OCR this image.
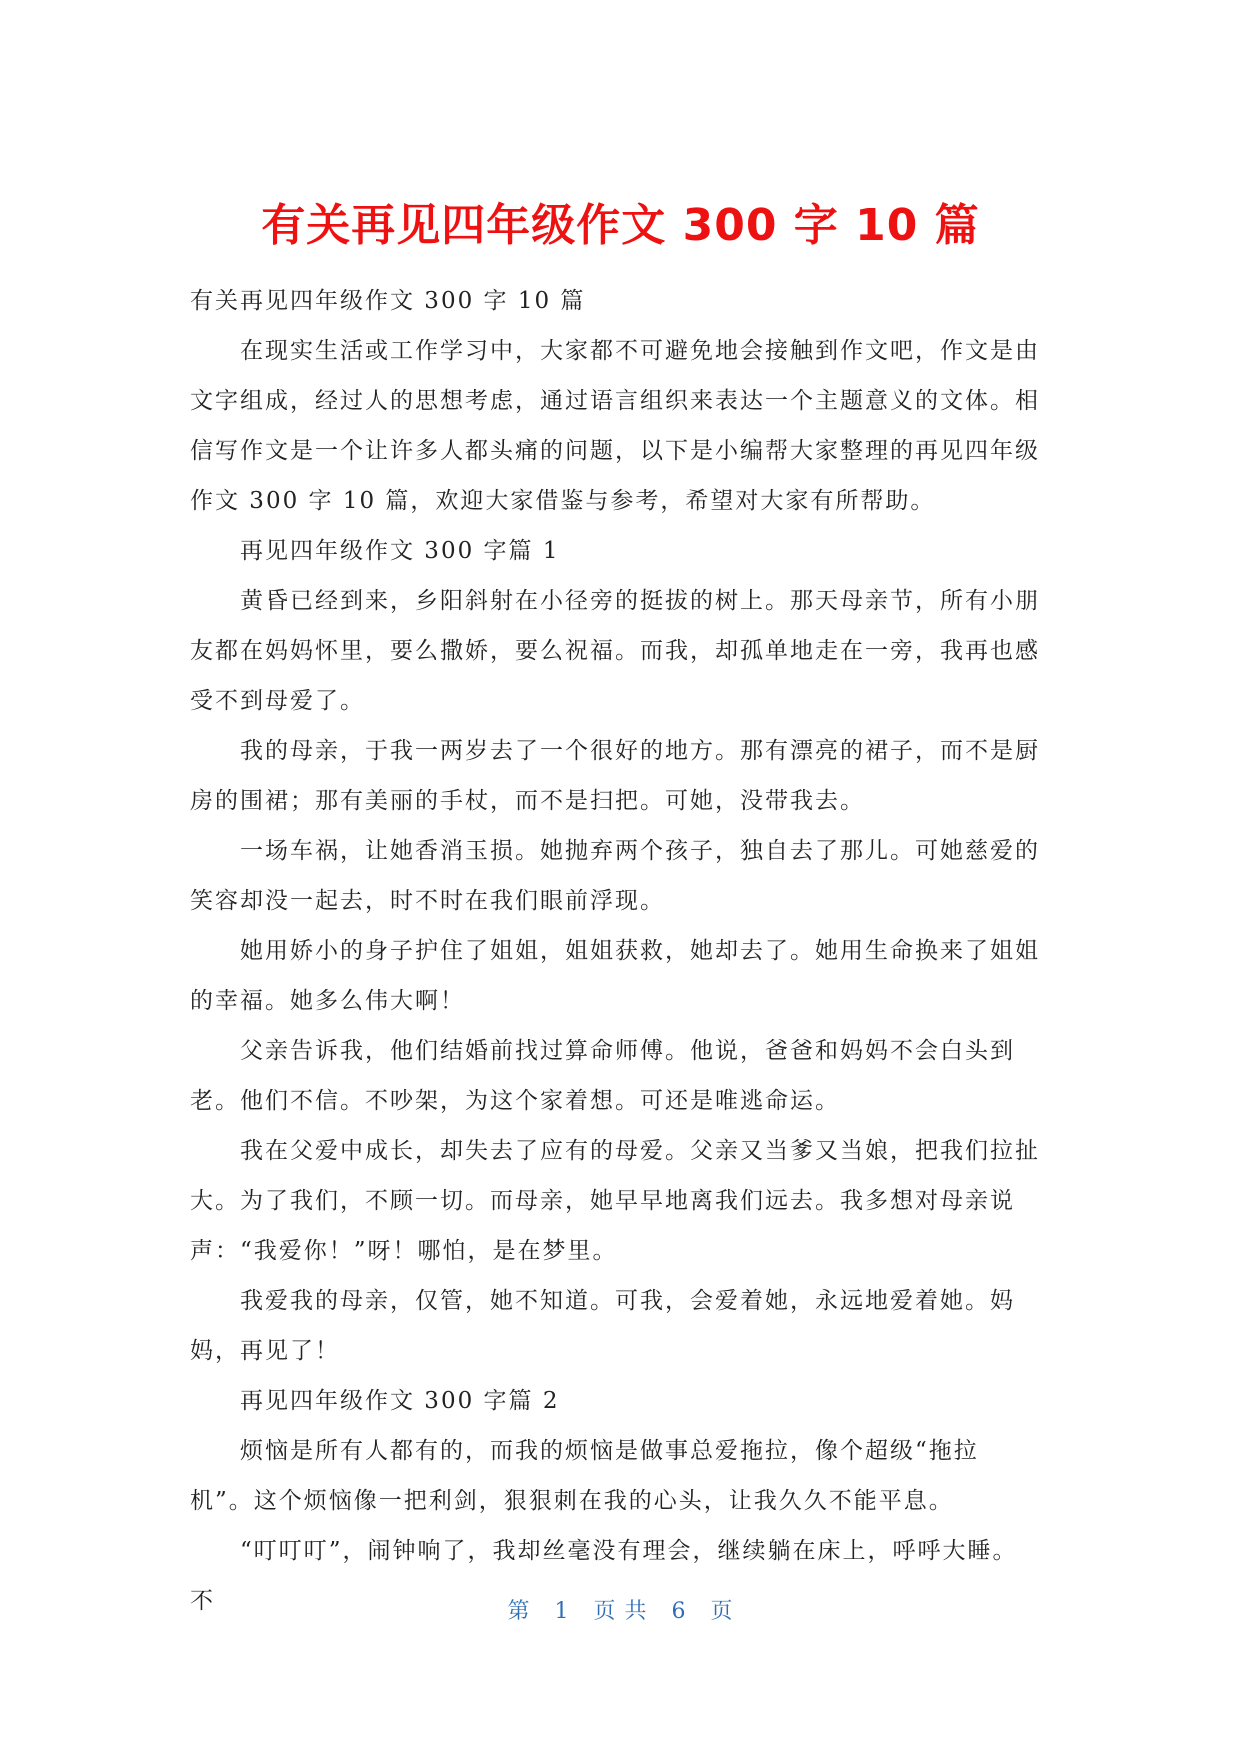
有关再见四年级作文 300 字 10 篇

有关再见四年级作文 300 字 10 篇

在现实生活或工作学习中，大家都不可避免地会接触到作文吧，作文是由文字组成，经过人的思想考虑，通过语言组织来表达一个主题意义的文体。相信写作文是一个让许多人都头痛的问题，以下是小编帮大家整理的再见四年级作文 300 字 10 篇，欢迎大家借鉴与参考，希望对大家有所帮助。

再见四年级作文 300 字篇 1

黄昏已经到来，乡阳斜射在小径旁的挺拔的树上。那天母亲节，所有小朋友都在妈妈怀里，要么撒娇，要么祝福。而我，却孤单地走在一旁，我再也感受不到母爱了。

我的母亲，于我一两岁去了一个很好的地方。那有漂亮的裙子，而不是厨房的围裙；那有美丽的手杖，而不是扫把。可她，没带我去。

一场车祸，让她香消玉损。她抛弃两个孩子，独自去了那儿。可她慈爱的笑容却没一起去，时不时在我们眼前浮现。

她用娇小的身子护住了姐姐，姐姐获救，她却去了。她用生命换来了姐姐的幸福。她多么伟大啊！

父亲告诉我，他们结婚前找过算命师傅。他说，爸爸和妈妈不会白头到老。他们不信。不吵架，为这个家着想。可还是唯逃命运。

我在父爱中成长，却失去了应有的母爱。父亲又当爹又当娘，把我们拉扯大。为了我们，不顾一切。而母亲，她早早地离我们远去。我多想对母亲说声：“我爱你！”呀！哪怕，是在梦里。

我爱我的母亲，仅管，她不知道。可我，会爱着她，永远地爱着她。妈妈，再见了！

再见四年级作文 300 字篇 2

烦恼是所有人都有的，而我的烦恼是做事总爱拖拉，像个超级“拖拉机”。这个烦恼像一把利剑，狠狠刺在我的心头，让我久久不能平息。

“叮叮叮”，闹钟响了，我却丝毫没有理会，继续躺在床上，呼呼大睡。不	第 1 页 共 6 页
